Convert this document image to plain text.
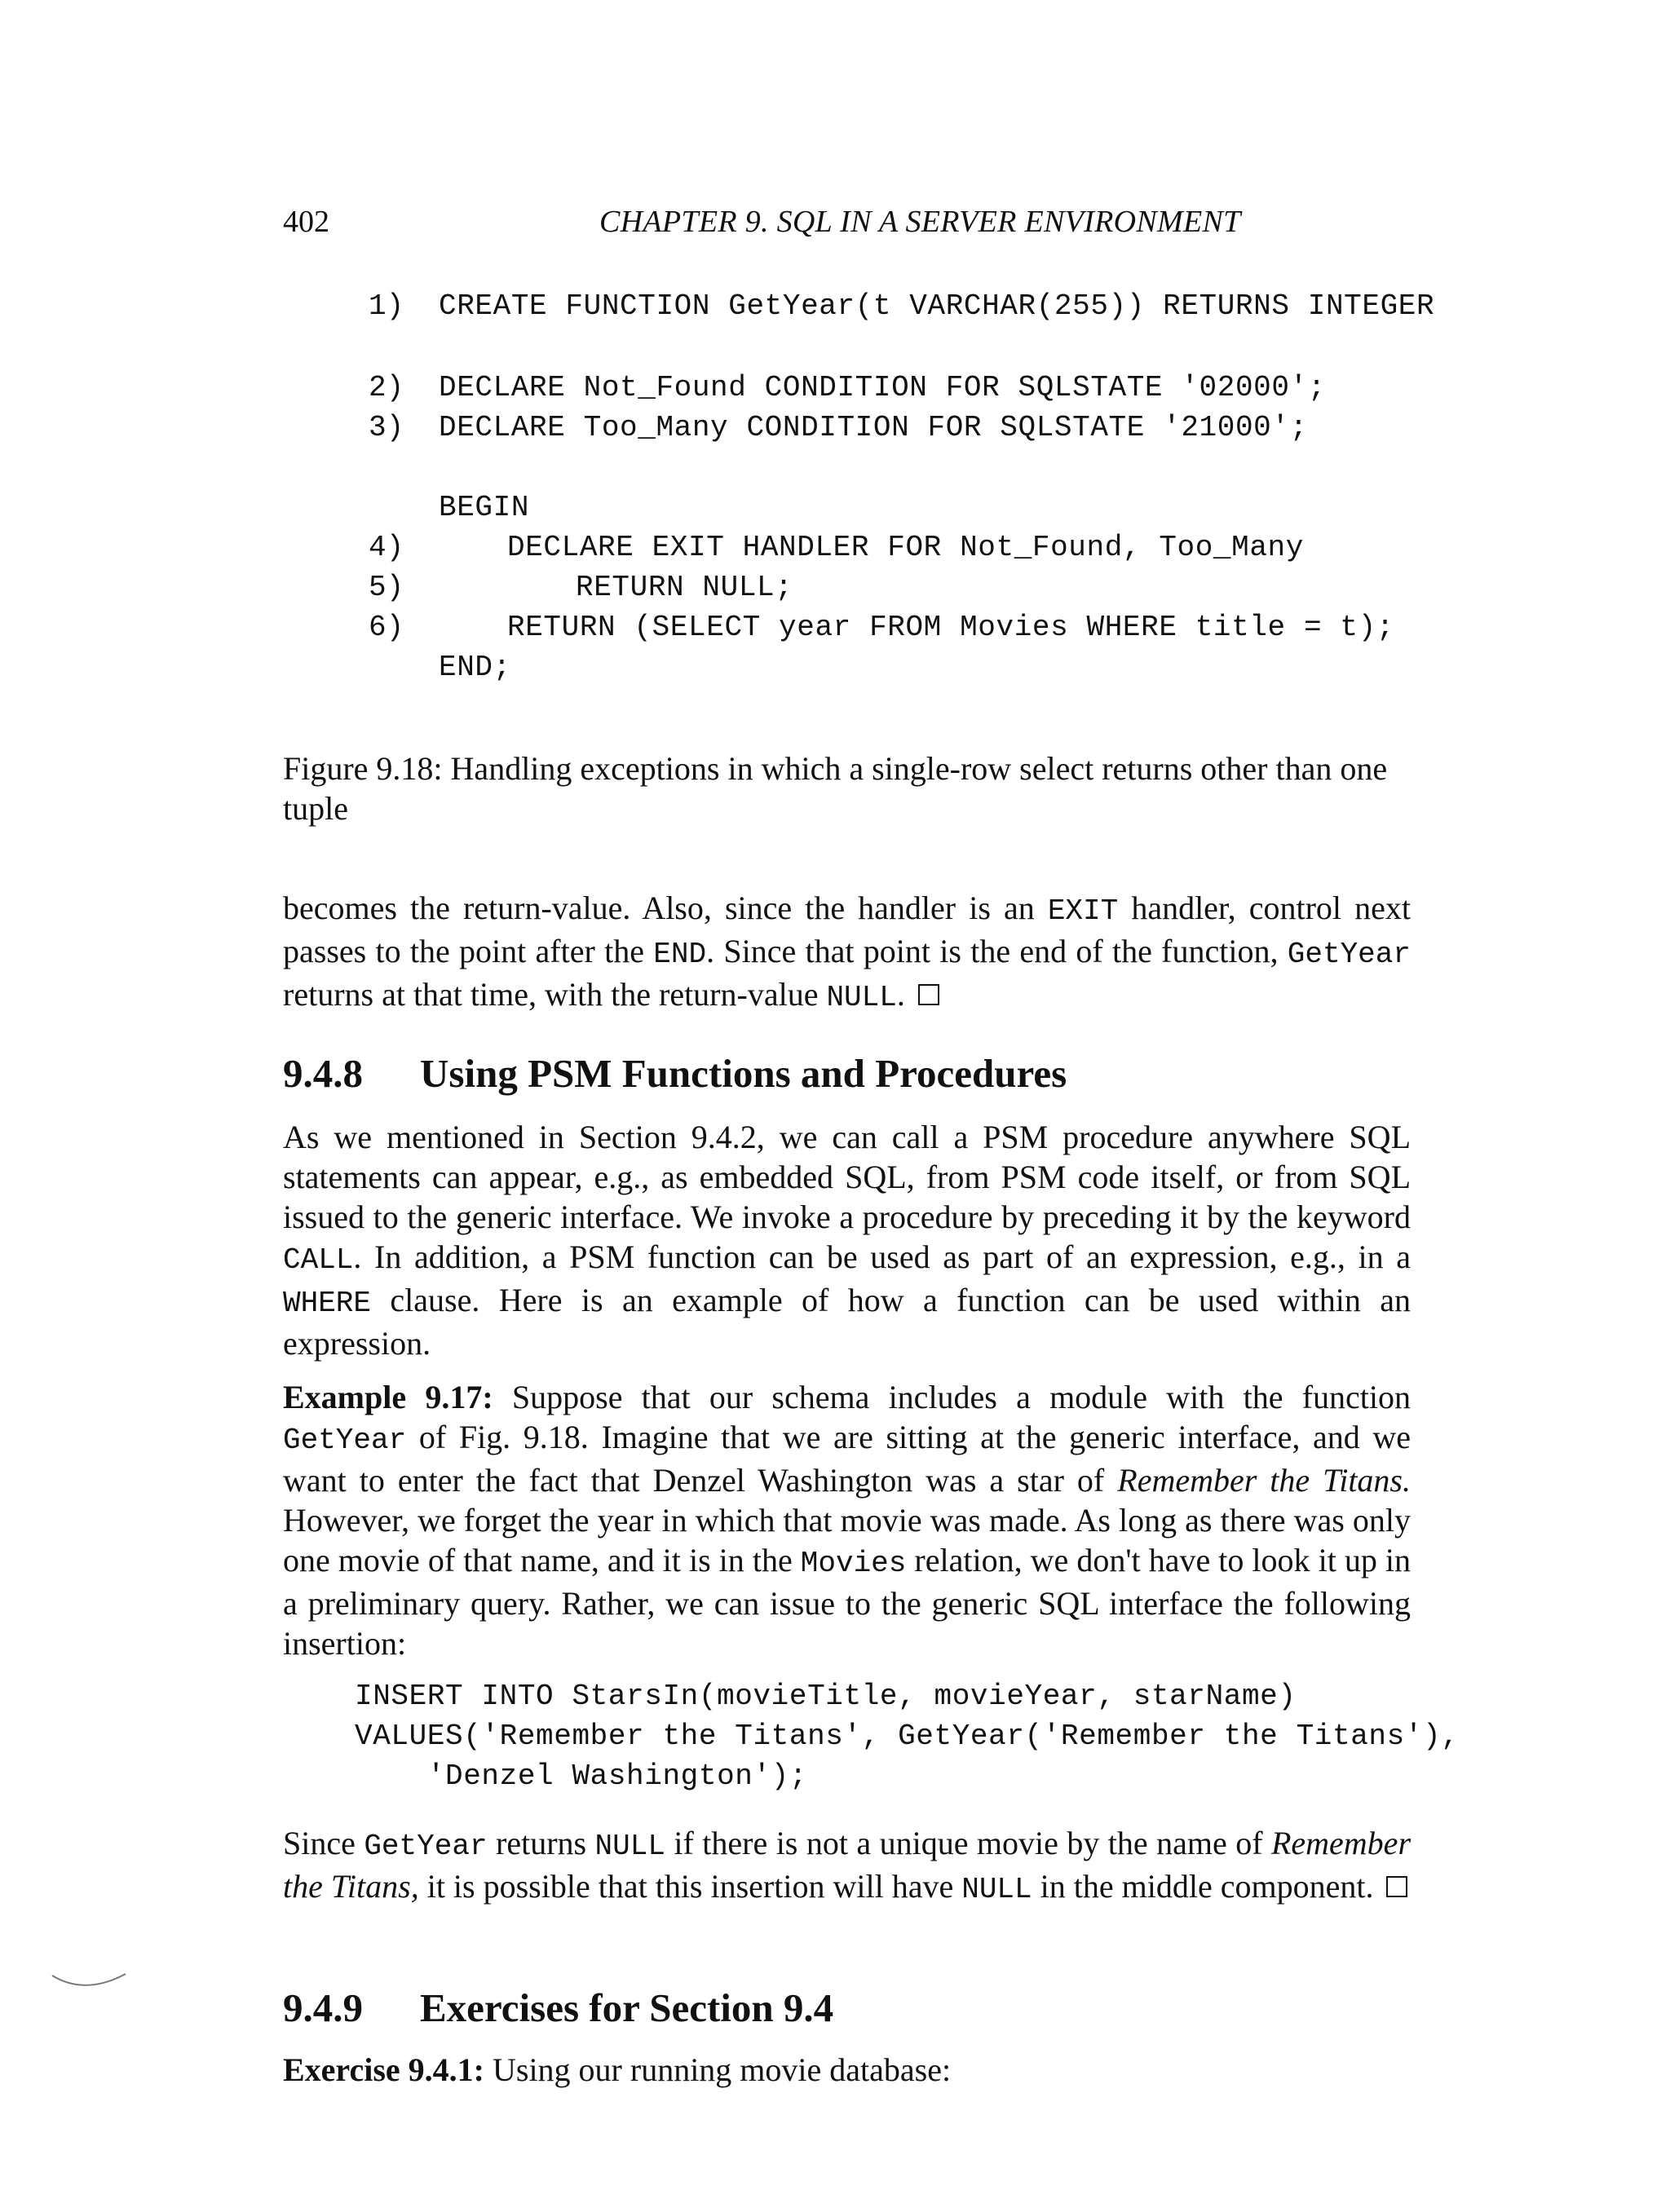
402	CHAPTER 9. SQL IN A SERVER ENVIRONMENT
1) CREATE FUNCTION GetYear(t VARCHAR(255)) RETURNS INTEGER
2) DECLARE Not_Found CONDITION FOR SQLSTATE '02000';
3) DECLARE Too_Many CONDITION FOR SQLSTATE '21000';
BEGIN
4)	DECLARE EXIT HANDLER FOR Not_Found, Too_Many
5)	RETURN NULL;
6)	RETURN (SELECT year FROM Movies WHERE title = t);
END;
Figure 9.18: Handling exceptions in which a single-row select returns other than one tuple
becomes the return-value. Also, since the handler is an EXIT handler, control next passes to the point after the END. Since that point is the end of the function, GetYear returns at that time, with the return-value NULL.
9.4.8 Using PSM Functions and Procedures
As we mentioned in Section 9.4.2, we can call a PSM procedure anywhere SQL statements can appear, e.g., as embedded SQL, from PSM code itself, or from SQL issued to the generic interface. We invoke a procedure by preceding it by the keyword CALL. In addition, a PSM function can be used as part of an expression, e.g., in a WHERE clause. Here is an example of how a function can be used within an expression.
Example 9.17: Suppose that our schema includes a module with the function GetYear of Fig. 9.18. Imagine that we are sitting at the generic interface, and we want to enter the fact that Denzel Washington was a star of Remember the Titans. However, we forget the year in which that movie was made. As long as there was only one movie of that name, and it is in the Movies relation, we don't have to look it up in a preliminary query. Rather, we can issue to the generic SQL interface the following insertion:
INSERT INTO StarsIn(movieTitle, movieYear, starName)
VALUES('Remember the Titans', GetYear('Remember the Titans'),
'Denzel Washington');
Since GetYear returns NULL if there is not a unique movie by the name of Remember the Titans, it is possible that this insertion will have NULL in the middle component.
9.4.9 Exercises for Section 9.4
Exercise 9.4.1: Using our running movie database:
